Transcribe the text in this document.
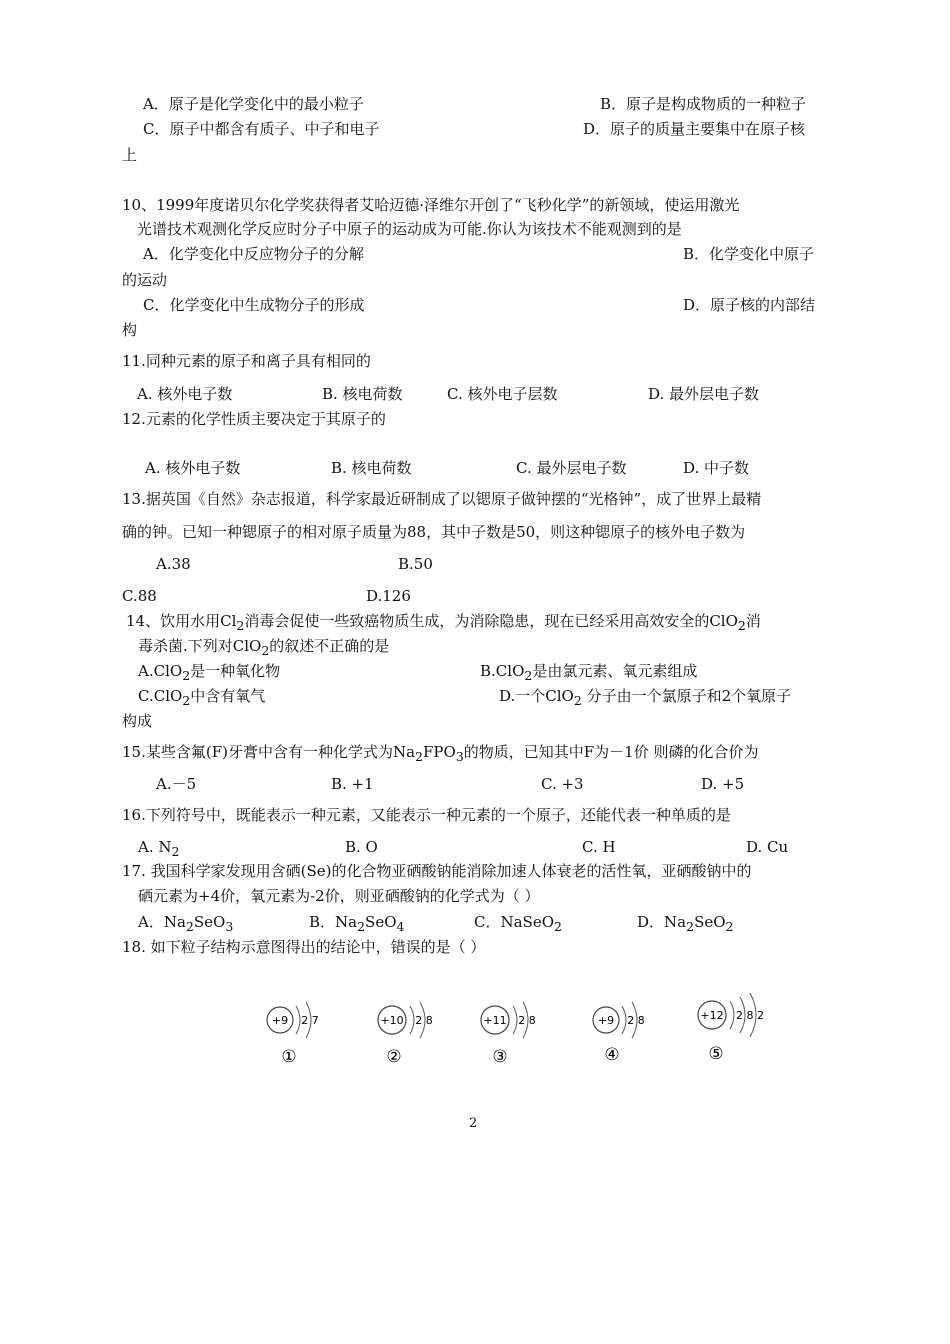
A．原子是化学变化中的最小粒子	B．原子是构成物质的一种粒子
C．原子中都含有质子、中子和电子	D．原子的质量主要集中在原子核
上
10、1999年度诺贝尔化学奖获得者艾哈迈德·泽维尔开创了“飞秒化学”的新领域，使运用激光
光谱技术观测化学反应时分子中原子的运动成为可能.你认为该技术不能观测到的是
A．化学变化中反应物分子的分解	B．化学变化中原子
的运动
C．化学变化中生成物分子的形成	D．原子核的内部结
构
11.同种元素的原子和离子具有相同的
A. 核外电子数	B. 核电荷数	C. 核外电子层数	D. 最外层电子数
12.元素的化学性质主要决定于其原子的
A. 核外电子数	B. 核电荷数	C. 最外层电子数	D. 中子数
13.据英国《自然》杂志报道，科学家最近研制成了以锶原子做钟摆的“光格钟”，成了世界上最精
确的钟。已知一种锶原子的相对原子质量为88，其中子数是50，则这种锶原子的核外电子数为
A.38	B.50
C.88	D.126
14、饮用水用$Cl_2$消毒会促使一些致癌物质生成，为消除隐患，现在已经采用高效安全的ClO$_2$消
毒杀菌.下列对ClO$_2$的叙述不正确的是
A.ClO$_2$是一种氧化物	B.ClO$_2$是由氯元素、氧元素组成
C.ClO$_2$中含有氧气	D.一个ClO$_2$ 分子由一个氯原子和2个氧原子
构成
15.某些含氟(F)牙膏中含有一种化学式为$Na_2FPO_3$的物质，已知其中F为－1价 则磷的化合价为
A.－5	B. +1	C. +3	D. +5
16.下列符号中，既能表示一种元素，又能表示一种元素的一个原子，还能代表一种单质的是
A. $N_2$	B. O	C. H	D. Cu
17. 我国科学家发现用含硒(Se)的化合物亚硒酸钠能消除加速人体衰老的活性氧，亚硒酸钠中的
硒元素为+4价，氧元素为-2价，则亚硒酸钠的化学式为（ ）
A．$Na_2SeO_3$	B．$Na_2SeO_4$	C．NaSeO$_2$	D．$Na_2SeO_2$
18. 如下粒子结构示意图得出的结论中，错误的是（ ）
+9 2 7
①
+10 2 8
②
+11 2 8
③
+9 2 8
④
+12 2 8 2
⑤
2
